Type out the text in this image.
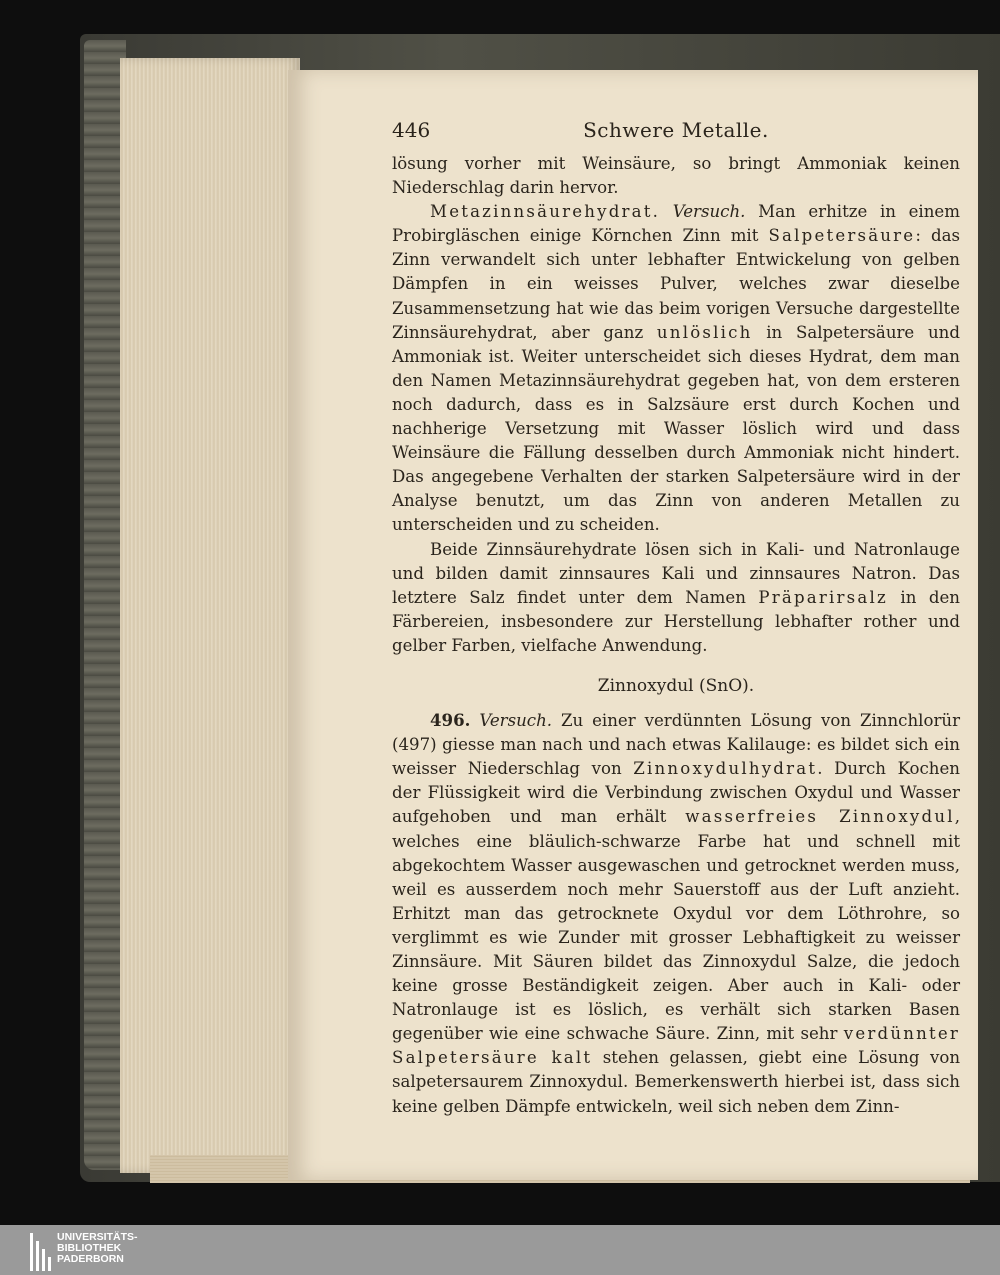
446	Schwere Metalle.

lösung vorher mit Weinsäure, so bringt Ammoniak keinen Niederschlag darin hervor.

Metazinnsäurehydrat. Versuch. Man erhitze in einem Probirgläschen einige Körnchen Zinn mit Salpetersäure: das Zinn verwandelt sich unter lebhafter Entwickelung von gelben Dämpfen in ein weisses Pulver, welches zwar dieselbe Zusammensetzung hat wie das beim vorigen Versuche dargestellte Zinnsäurehydrat, aber ganz unlöslich in Salpetersäure und Ammoniak ist. Weiter unterscheidet sich dieses Hydrat, dem man den Namen Metazinnsäurehydrat gegeben hat, von dem ersteren noch dadurch, dass es in Salzsäure erst durch Kochen und nachherige Versetzung mit Wasser löslich wird und dass Weinsäure die Fällung desselben durch Ammoniak nicht hindert. Das angegebene Verhalten der starken Salpetersäure wird in der Analyse benutzt, um das Zinn von anderen Metallen zu unterscheiden und zu scheiden.

Beide Zinnsäurehydrate lösen sich in Kali- und Natronlauge und bilden damit zinnsaures Kali und zinnsaures Natron. Das letztere Salz findet unter dem Namen Präparirsalz in den Färbereien, insbesondere zur Herstellung lebhafter rother und gelber Farben, vielfache Anwendung.

Zinnoxydul (SnO).

496. Versuch. Zu einer verdünnten Lösung von Zinnchlorür (497) giesse man nach und nach etwas Kalilauge: es bildet sich ein weisser Niederschlag von Zinnoxydulhydrat. Durch Kochen der Flüssigkeit wird die Verbindung zwischen Oxydul und Wasser aufgehoben und man erhält wasserfreies Zinnoxydul, welches eine bläulich-schwarze Farbe hat und schnell mit abgekochtem Wasser ausgewaschen und getrocknet werden muss, weil es ausserdem noch mehr Sauerstoff aus der Luft anzieht. Erhitzt man das getrocknete Oxydul vor dem Löthrohre, so verglimmt es wie Zunder mit grosser Lebhaftigkeit zu weisser Zinnsäure. Mit Säuren bildet das Zinnoxydul Salze, die jedoch keine grosse Beständigkeit zeigen. Aber auch in Kali- oder Natronlauge ist es löslich, es verhält sich starken Basen gegenüber wie eine schwache Säure. Zinn, mit sehr verdünnter Salpetersäure kalt stehen gelassen, giebt eine Lösung von salpetersaurem Zinnoxydul. Bemerkenswerth hierbei ist, dass sich keine gelben Dämpfe entwickeln, weil sich neben dem Zinn-

UNIVERSITÄTS-
BIBLIOTHEK
PADERBORN
